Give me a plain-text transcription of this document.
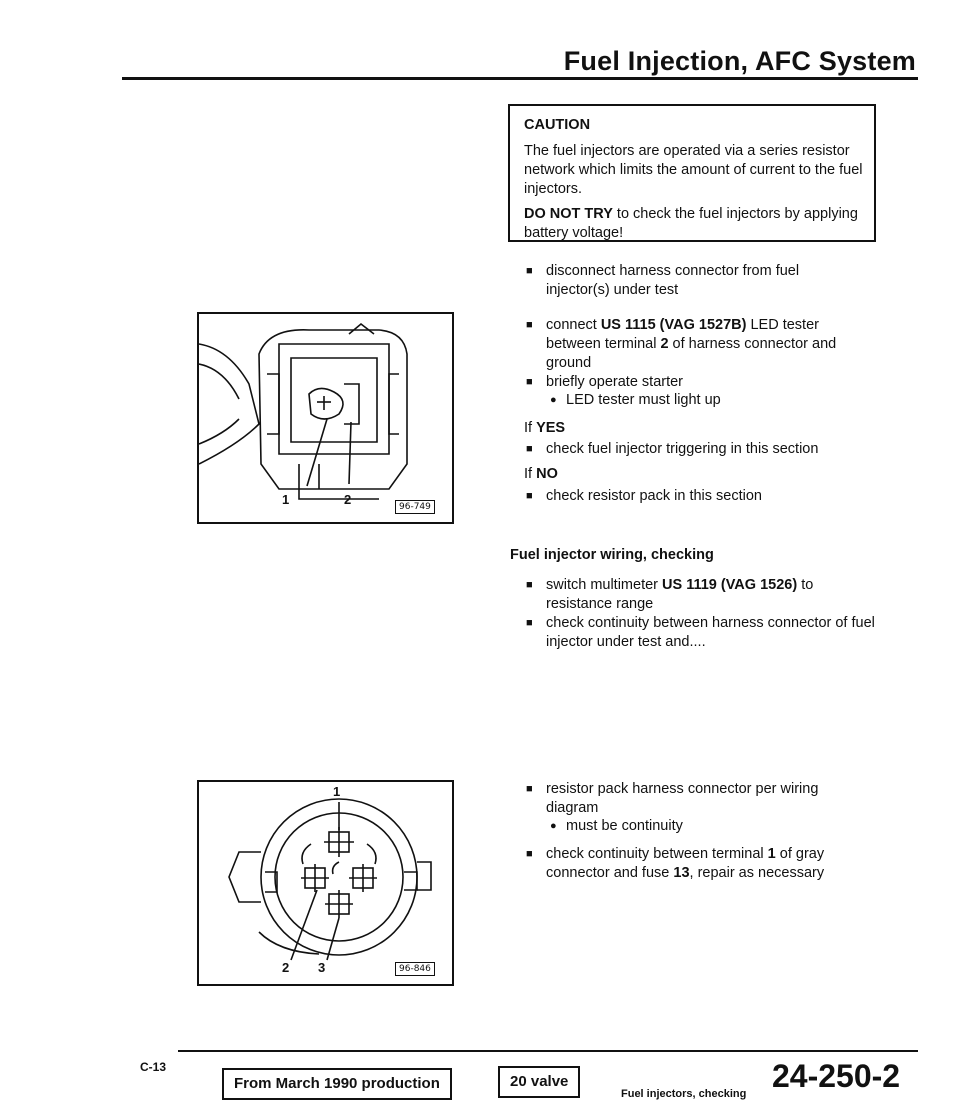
Fuel Injection, AFC System
CAUTION

The fuel injectors are operated via a series resistor network which limits the amount of current to the fuel injectors.

DO NOT TRY to check the fuel injectors by applying battery voltage!

■ disconnect harness connector from fuel injector(s) under test
■ connect US 1115 (VAG 1527B) LED tester between terminal 2 of harness connector and ground
■ briefly operate starter
● LED tester must light up
If YES
■ check fuel injector triggering in this section
If NO
■ check resistor pack in this section
Fuel injector wiring, checking
■ switch multimeter US 1119 (VAG 1526) to resistance range
■ check continuity between harness connector of fuel injector under test and....
■ resistor pack harness connector per wiring diagram
● must be continuity
■ check continuity between terminal 1 of gray connector and fuse 13, repair as necessary
1	2	96-749
1
2 3	96-846
C-13
From March 1990 production	20 valve
Fuel injectors, checking 24-250-2
